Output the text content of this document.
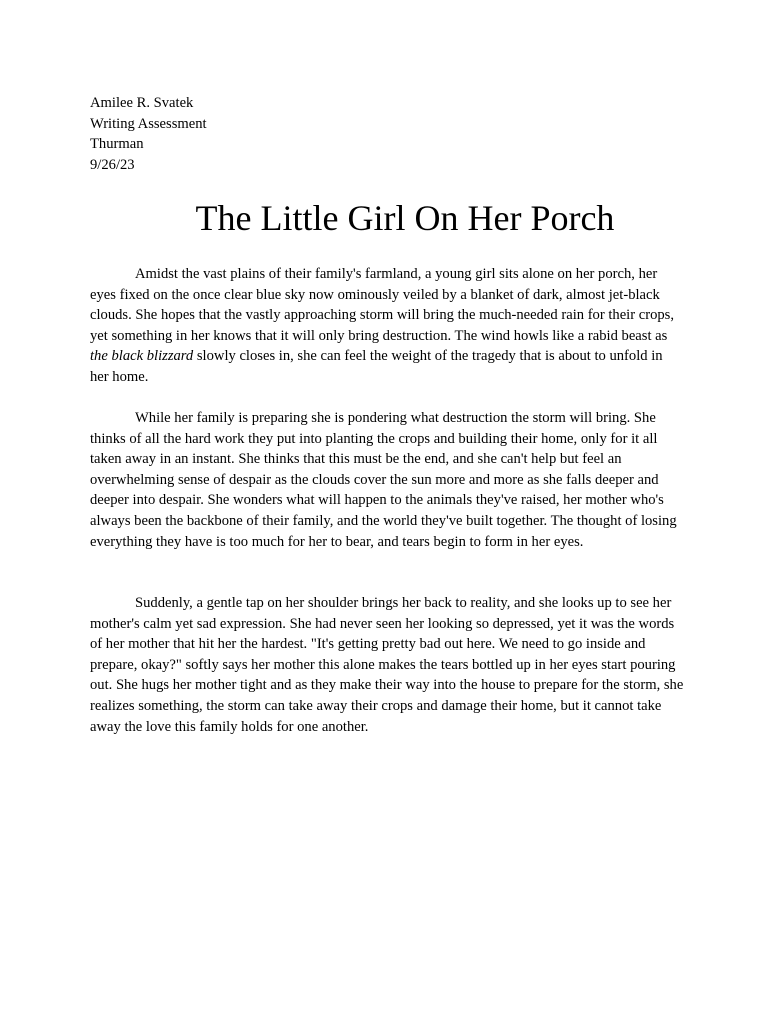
Amilee R. Svatek
Writing Assessment
Thurman
9/26/23
The Little Girl On Her Porch

Amidst the vast plains of their family's farmland, a young girl sits alone on her porch, her eyes fixed on the once clear blue sky now ominously veiled by a blanket of dark, almost jet-black clouds. She hopes that the vastly approaching storm will bring the much-needed rain for their crops, yet something in her knows that it will only bring destruction. The wind howls like a rabid beast as the black blizzard slowly closes in, she can feel the weight of the tragedy that is about to unfold in her home.

While her family is preparing she is pondering what destruction the storm will bring. She thinks of all the hard work they put into planting the crops and building their home, only for it all taken away in an instant. She thinks that this must be the end, and she can't help but feel an overwhelming sense of despair as the clouds cover the sun more and more as she falls deeper and deeper into despair. She wonders what will happen to the animals they've raised, her mother who's always been the backbone of their family, and the world they've built together. The thought of losing everything they have is too much for her to bear, and tears begin to form in her eyes.

Suddenly, a gentle tap on her shoulder brings her back to reality, and she looks up to see her mother's calm yet sad expression. She had never seen her looking so depressed, yet it was the words of her mother that hit her the hardest. "It's getting pretty bad out here. We need to go inside and prepare, okay?" softly says her mother this alone makes the tears bottled up in her eyes start pouring out. She hugs her mother tight and as they make their way into the house to prepare for the storm, she realizes something, the storm can take away their crops and damage their home, but it cannot take away the love this family holds for one another.
